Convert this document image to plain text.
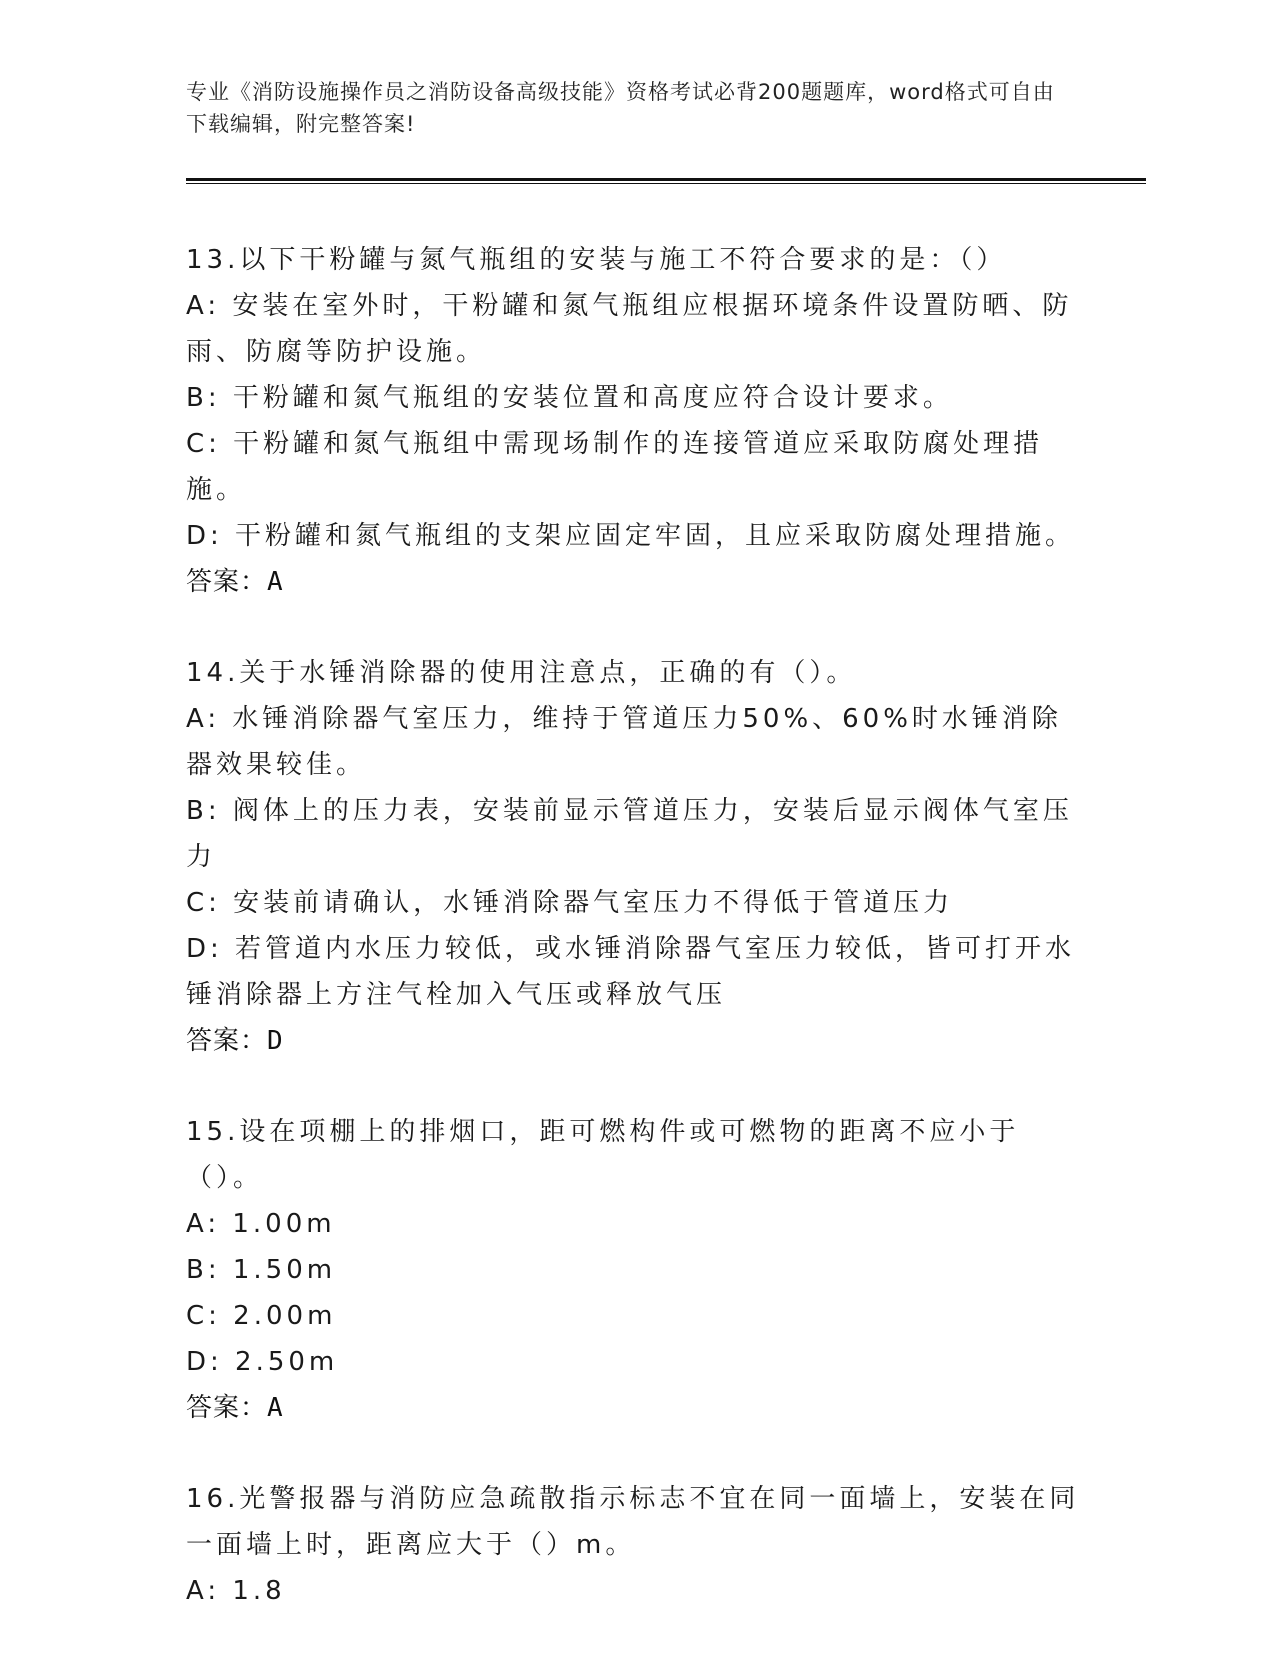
专业《消防设施操作员之消防设备高级技能》资格考试必背200题题库，word格式可自由下载编辑，附完整答案!
13.以下干粉罐与氮气瓶组的安装与施工不符合要求的是：（）
A: 安装在室外时，干粉罐和氮气瓶组应根据环境条件设置防晒、防雨、防腐等防护设施。
B: 干粉罐和氮气瓶组的安装位置和高度应符合设计要求。
C: 干粉罐和氮气瓶组中需现场制作的连接管道应采取防腐处理措施。
D: 干粉罐和氮气瓶组的支架应固定牢固，且应采取防腐处理措施。
答案：A
14.关于水锤消除器的使用注意点，正确的有（）。
A: 水锤消除器气室压力，维持于管道压力50%、60%时水锤消除器效果较佳。
B: 阀体上的压力表，安装前显示管道压力，安装后显示阀体气室压力
C: 安装前请确认，水锤消除器气室压力不得低于管道压力
D: 若管道内水压力较低，或水锤消除器气室压力较低，皆可打开水锤消除器上方注气栓加入气压或释放气压
答案：D
15.设在项棚上的排烟口，距可燃构件或可燃物的距离不应小于（）。
A: 1.00m
B: 1.50m
C: 2.00m
D: 2.50m
答案：A
16.光警报器与消防应急疏散指示标志不宜在同一面墙上，安装在同一面墙上时，距离应大于（）m。
A: 1.8
